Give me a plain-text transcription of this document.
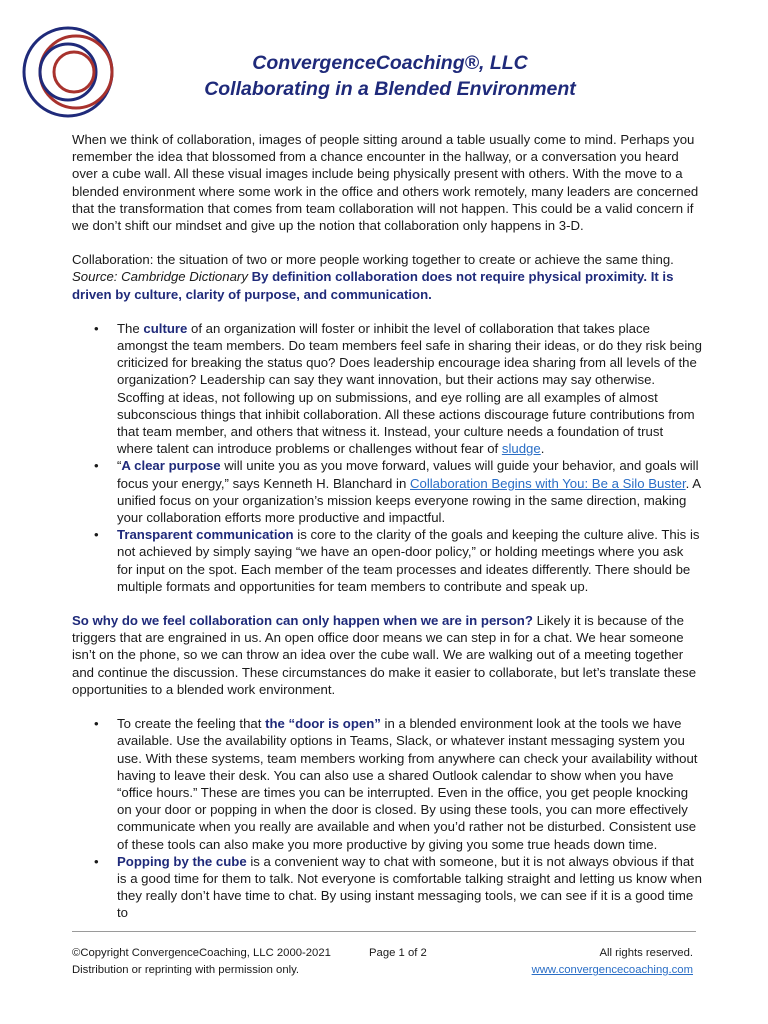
ConvergenceCoaching®, LLC
Collaborating in a Blended Environment

When we think of collaboration, images of people sitting around a table usually come to mind. Perhaps you remember the idea that blossomed from a chance encounter in the hallway, or a conversation you heard over a cube wall. All these visual images include being physically present with others. With the move to a blended environment where some work in the office and others work remotely, many leaders are concerned that the transformation that comes from team collaboration will not happen. This could be a valid concern if we don’t shift our mindset and give up the notion that collaboration only happens in 3-D.

Collaboration: the situation of two or more people working together to create or achieve the same thing. Source: Cambridge Dictionary By definition collaboration does not require physical proximity. It is driven by culture, clarity of purpose, and communication.

• The culture of an organization will foster or inhibit the level of collaboration that takes place amongst the team members. Do team members feel safe in sharing their ideas, or do they risk being criticized for breaking the status quo? Does leadership encourage idea sharing from all levels of the organization? Leadership can say they want innovation, but their actions may say otherwise. Scoffing at ideas, not following up on submissions, and eye rolling are all examples of almost subconscious things that inhibit collaboration. All these actions discourage future contributions from that team member, and others that witness it. Instead, your culture needs a foundation of trust where talent can introduce problems or challenges without fear of sludge.
• “A clear purpose will unite you as you move forward, values will guide your behavior, and goals will focus your energy,” says Kenneth H. Blanchard in Collaboration Begins with You: Be a Silo Buster. A unified focus on your organization’s mission keeps everyone rowing in the same direction, making your collaboration efforts more productive and impactful.
• Transparent communication is core to the clarity of the goals and keeping the culture alive. This is not achieved by simply saying “we have an open-door policy,” or holding meetings where you ask for input on the spot. Each member of the team processes and ideates differently. There should be multiple formats and opportunities for team members to contribute and speak up.

So why do we feel collaboration can only happen when we are in person? Likely it is because of the triggers that are engrained in us. An open office door means we can step in for a chat. We hear someone isn’t on the phone, so we can throw an idea over the cube wall. We are walking out of a meeting together and continue the discussion. These circumstances do make it easier to collaborate, but let’s translate these opportunities to a blended work environment.

• To create the feeling that the “door is open” in a blended environment look at the tools we have available. Use the availability options in Teams, Slack, or whatever instant messaging system you use. With these systems, team members working from anywhere can check your availability without having to leave their desk. You can also use a shared Outlook calendar to show when you have “office hours.” These are times you can be interrupted. Even in the office, you get people knocking on your door or popping in when the door is closed. By using these tools, you can more effectively communicate when you really are available and when you’d rather not be disturbed. Consistent use of these tools can also make you more productive by giving you some true heads down time.
• Popping by the cube is a convenient way to chat with someone, but it is not always obvious if that is a good time for them to talk. Not everyone is comfortable talking straight and letting us know when they really don’t have time to chat. By using instant messaging tools, we can see if it is a good time to
©Copyright ConvergenceCoaching, LLC 2000-2021
Distribution or reprinting with permission only.
Page 1 of 2	All rights reserved.
www.convergencecoaching.com
